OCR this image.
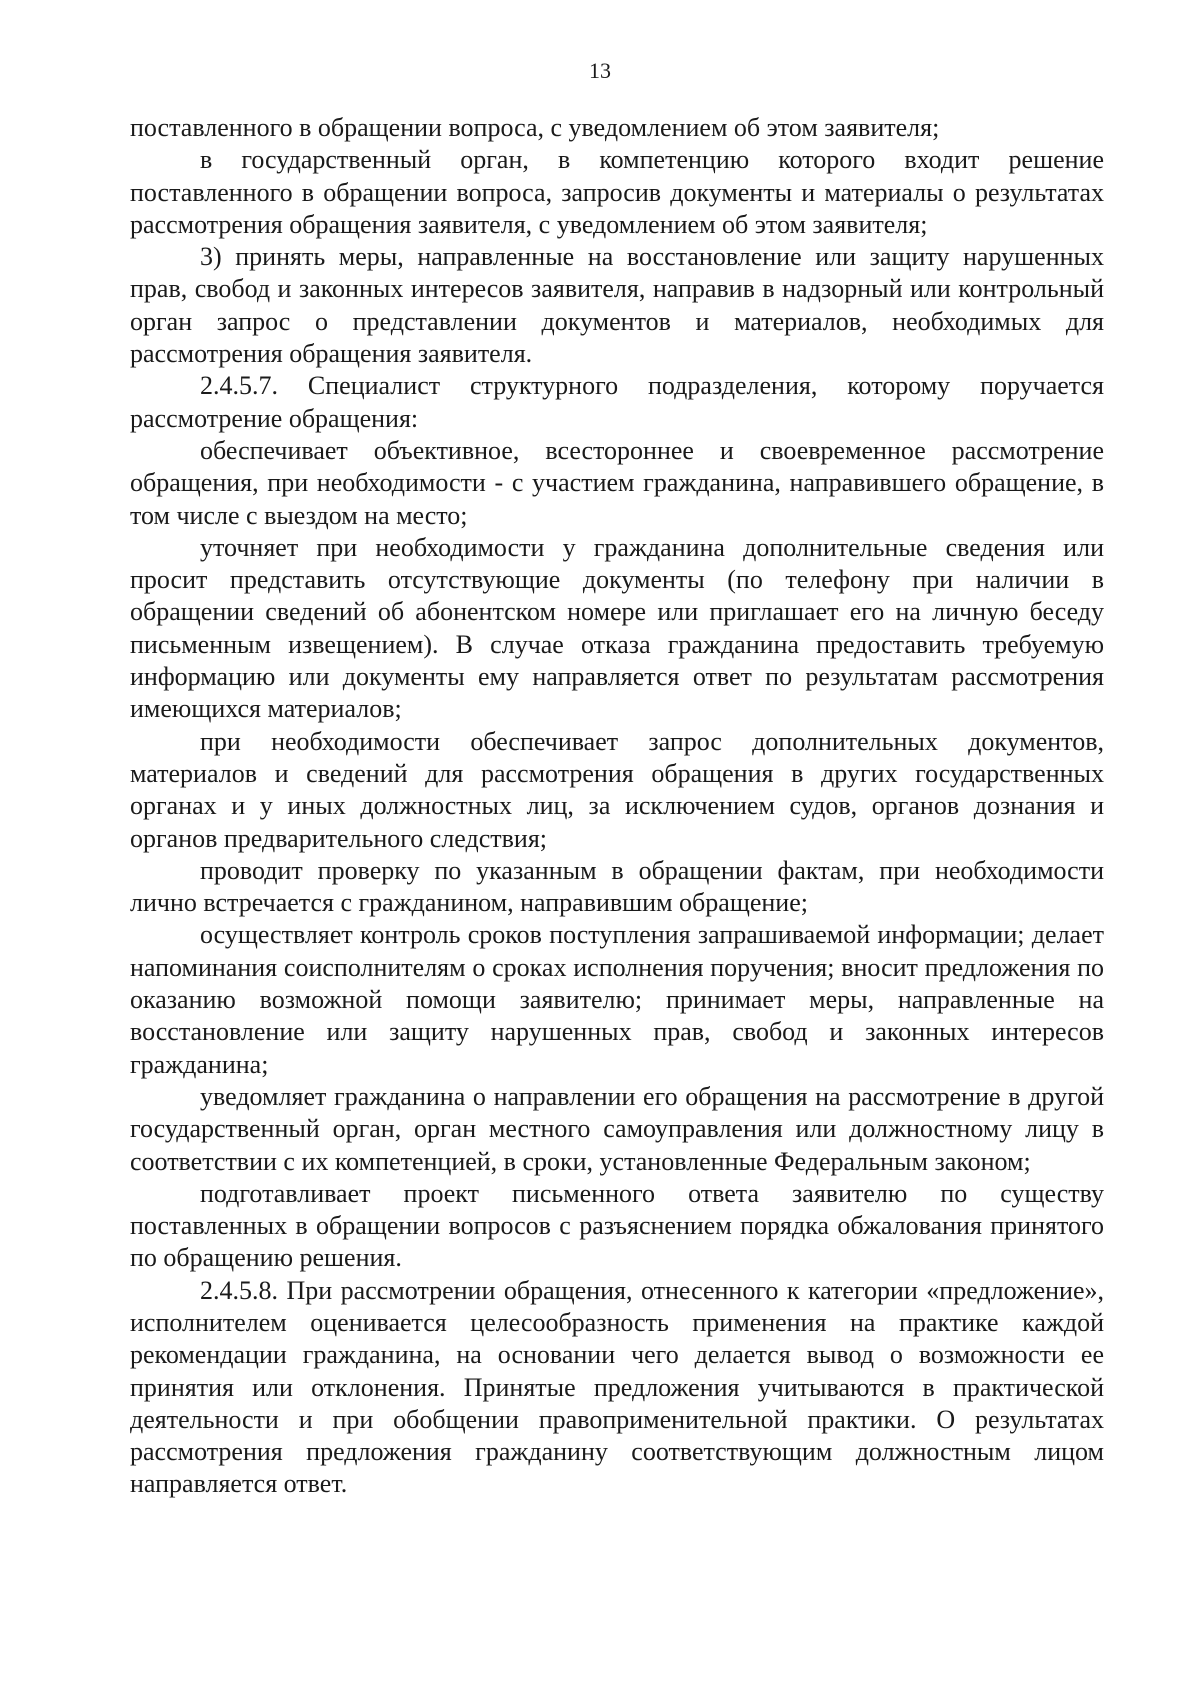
13

поставленного в обращении вопроса, с уведомлением об этом заявителя;

в государственный орган, в компетенцию которого входит решение поставленного в обращении вопроса, запросив документы и материалы о результатах рассмотрения обращения заявителя, с уведомлением об этом заявителя;

3) принять меры, направленные на восстановление или защиту нарушенных прав, свобод и законных интересов заявителя, направив в надзорный или контрольный орган запрос о представлении документов и материалов, необходимых для рассмотрения обращения заявителя.

2.4.5.7. Специалист структурного подразделения, которому поручается рассмотрение обращения:

обеспечивает объективное, всестороннее и своевременное рассмотрение обращения, при необходимости - с участием гражданина, направившего обращение, в том числе с выездом на место;

уточняет при необходимости у гражданина дополнительные сведения или просит представить отсутствующие документы (по телефону при наличии в обращении сведений об абонентском номере или приглашает его на личную беседу письменным извещением). В случае отказа гражданина предоставить требуемую информацию или документы ему направляется ответ по результатам рассмотрения имеющихся материалов;

при необходимости обеспечивает запрос дополнительных документов, материалов и сведений для рассмотрения обращения в других государственных органах и у иных должностных лиц, за исключением судов, органов дознания и органов предварительного следствия;

проводит проверку по указанным в обращении фактам, при необходимости лично встречается с гражданином, направившим обращение;

осуществляет контроль сроков поступления запрашиваемой информации; делает напоминания соисполнителям о сроках исполнения поручения; вносит предложения по оказанию возможной помощи заявителю; принимает меры, направленные на восстановление или защиту нарушенных прав, свобод и законных интересов гражданина;

уведомляет гражданина о направлении его обращения на рассмотрение в другой государственный орган, орган местного самоуправления или должностному лицу в соответствии с их компетенцией, в сроки, установленные Федеральным законом;

подготавливает проект письменного ответа заявителю по существу поставленных в обращении вопросов с разъяснением порядка обжалования принятого по обращению решения.

2.4.5.8. При рассмотрении обращения, отнесенного к категории «предложение», исполнителем оценивается целесообразность применения на практике каждой рекомендации гражданина, на основании чего делается вывод о возможности ее принятия или отклонения. Принятые предложения учитываются в практической деятельности и при обобщении правоприменительной практики. О результатах рассмотрения предложения гражданину соответствующим должностным лицом направляется ответ.
